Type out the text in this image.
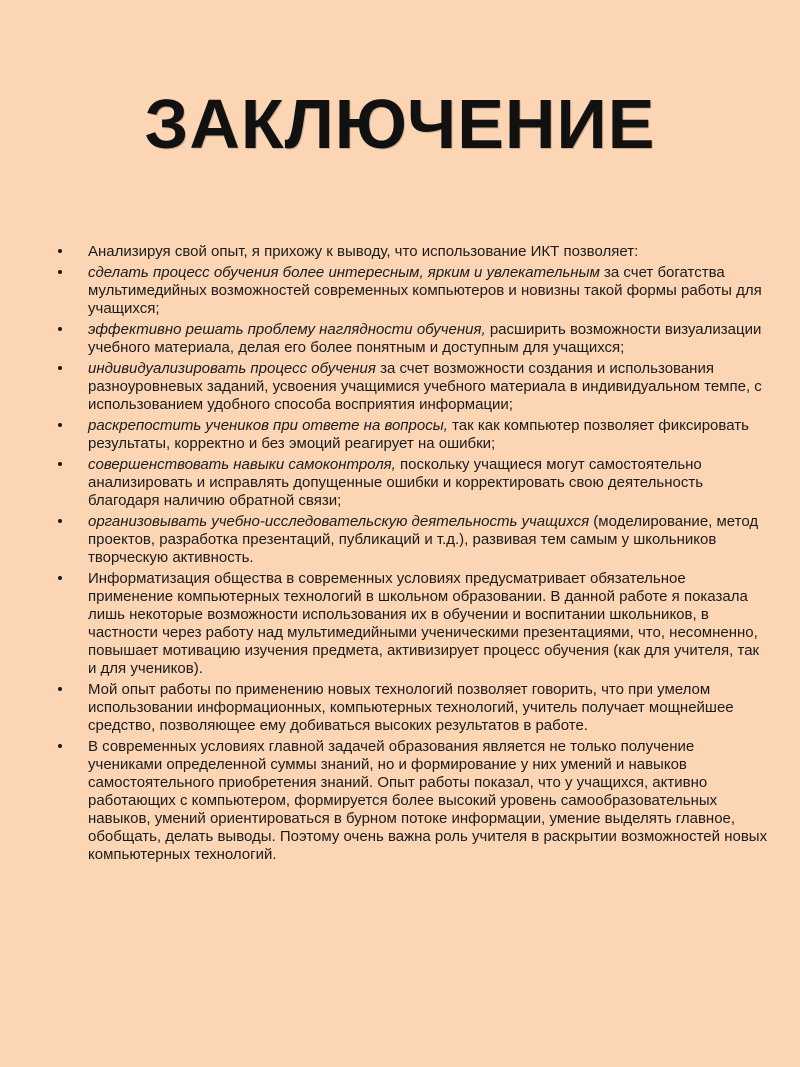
ЗАКЛЮЧЕНИЕ
Анализируя свой опыт, я прихожу к выводу, что использование ИКТ позволяет:
сделать процесс обучения более интересным, ярким и увлекательным за счет богатства мультимедийных возможностей современных компьютеров и новизны такой формы работы для учащихся;
эффективно решать проблему наглядности обучения, расширить возможности визуализации учебного материала, делая его более понятным и доступным для учащихся;
индивидуализировать процесс обучения за счет возможности создания и использования разноуровневых заданий, усвоения учащимися учебного материала в индивидуальном темпе, с использованием удобного способа восприятия информации;
раскрепостить учеников при ответе на вопросы, так как компьютер позволяет фиксировать результаты, корректно и без эмоций реагирует на ошибки;
совершенствовать навыки самоконтроля, поскольку учащиеся могут самостоятельно анализировать и исправлять допущенные ошибки и корректировать свою деятельность благодаря наличию обратной связи;
организовывать учебно-исследовательскую деятельность учащихся (моделирование, метод проектов, разработка презентаций, публикаций и т.д.), развивая тем самым у школьников творческую активность.
Информатизация общества в современных условиях предусматривает обязательное применение компьютерных технологий в школьном образовании. В данной работе я показала лишь некоторые возможности использования их в обучении и воспитании школьников, в частности через работу над мультимедийными ученическими презентациями, что, несомненно, повышает мотивацию изучения предмета, активизирует процесс обучения (как для учителя, так и для учеников).
Мой опыт работы по применению новых технологий позволяет говорить, что при умелом использовании информационных, компьютерных технологий, учитель получает мощнейшее средство, позволяющее ему добиваться высоких результатов в работе.
В современных условиях главной задачей образования является не только получение учениками определенной суммы знаний, но и формирование у них умений и навыков самостоятельного приобретения знаний. Опыт работы показал, что у учащихся, активно работающих с компьютером, формируется более высокий уровень самообразовательных навыков, умений ориентироваться в бурном потоке информации, умение выделять главное, обобщать, делать выводы. Поэтому очень важна роль учителя в раскрытии возможностей новых компьютерных технологий.
